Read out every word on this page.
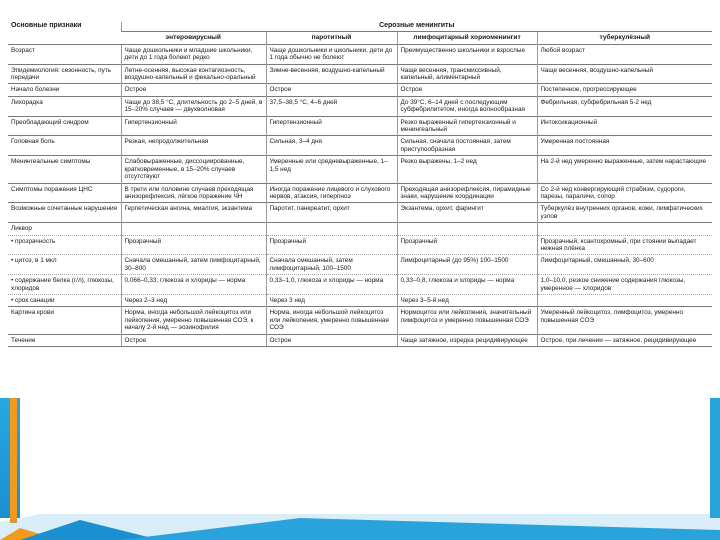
Основные признаки	Серозные менингиты			
	энтеровирусный	паротитный	лимфоцитарный хориоменингит	туберкулёзный
Возраст	Чаще дошкольники и младшие школьники, дети до 1 года болеют редко	Чаще дошкольники и школьники, дети до 1 года обычно не болеют	Преимущественно школьники и взрослые	Любой возраст
Эпидемиология: сезонность, путь передачи	Летне-осенняя, высокая контагиозность, воздушно-капельный и фекально-оральный	Зимне-весенняя, воздушно-капельный	Чаще весенняя, трансмиссивный, капельный, алиментарный	Чаще весенняя, воздушно-капельный
Начало болезни	Острое	Острое	Острое	Постепенное, прогрессирующее
Лихорадка	Чаще до 38,5 °С, длительность до 2–5 дней, в 15–20% случаев — двухволновая	37,5–38,5 °С, 4–6 дней	До 39°С, 6–14 дней с последующим субфебрилитетом, иногда волнообразная	Фебрильная, субфебрильная 5-2 нед
Преобладающий синдром	Гипертензионный	Гипертензионный	Резко выраженный гипертензионный и менингеальный	Интоксикационный
Головная боль	Резкая, непродолжительная	Сильная, 3–4 дня	Сильная, сначала постоянная, затем приступообразная	Умеренная постоянная
Менингеальные симптомы	Слабовыраженные, диссоциированные, кратковременные, в 15–20% случаев отсутствуют	Умеренные или средневыраженные, 1–1,5 нед	Резко выражены, 1–2 нед	На 2-й нед умеренно выраженные, затем нарастающие
Симптомы поражения ЦНС	В трети или половине случаев преходящая анизорефлексия, лёгкое поражение ЧН	Иногда поражение лицевого и слухового нервов, атаксия, гиперпноэ	Преходящая анизорефлексия, пирамидные знаки, нарушение координации	Со 2-й нед конвергирующий страбизм, судороги, парезы, параличи, сопор
Возможные сочетанные нарушения	Герпетическая ангина, миалгия, экзантема	Паротит, панкреатит, орхит	Экзантема, орхит, фарингит	Туберкулёз внутренних органов, кожи, лимфатических узлов
Ликвор				
• прозрачность	Прозрачный	Прозрачный	Прозрачный	Прозрачный, ксантохромный, при стоянии выпадает нежная плёнка
• цитоз, в 1 мкл	Сначала смешанный, затем лимфоцитарный, 30–800	Сначала смешанный, затем лимфоцитарный, 100–1500	Лимфоцитарный (до 95%) 100–1500	Лимфоцитарный, смешанный, 30–600
• содержание белка (г/л), глюкозы, хлоридов	0,066–0,33, глюкоза и хлориды — норма	0,33–1,0, глюкоза и хлориды — норма	0,33–0,8, глюкоза и хлориды — норма	1,0–10,0, резкое снижение содержания глюкозы, умеренное — хлоридов
• срок санации	Через 2–3 нед	Через 3 нед	Через 3–5-й нед	
Картина крови	Норма, иногда небольшой лейкоцитоз или лейкопения, умеренно повышенная СОЭ, к началу 2-й нед — эозинофилия	Норма, иногда небольшой лейкоцитоз или лейкопения, умеренно повышенная СОЭ	Нормоцитоз или лейкопения, значительный лимфоцитоз и умеренно повышенная СОЭ	Умеренный лейкоцитоз, лимфоцитоз, умеренно повышенная СОЭ
Течение	Острое	Острое	Чаще затяжное, изредка рецидивирующее	Острое, при лечении — затяжное, рецидивирующее
